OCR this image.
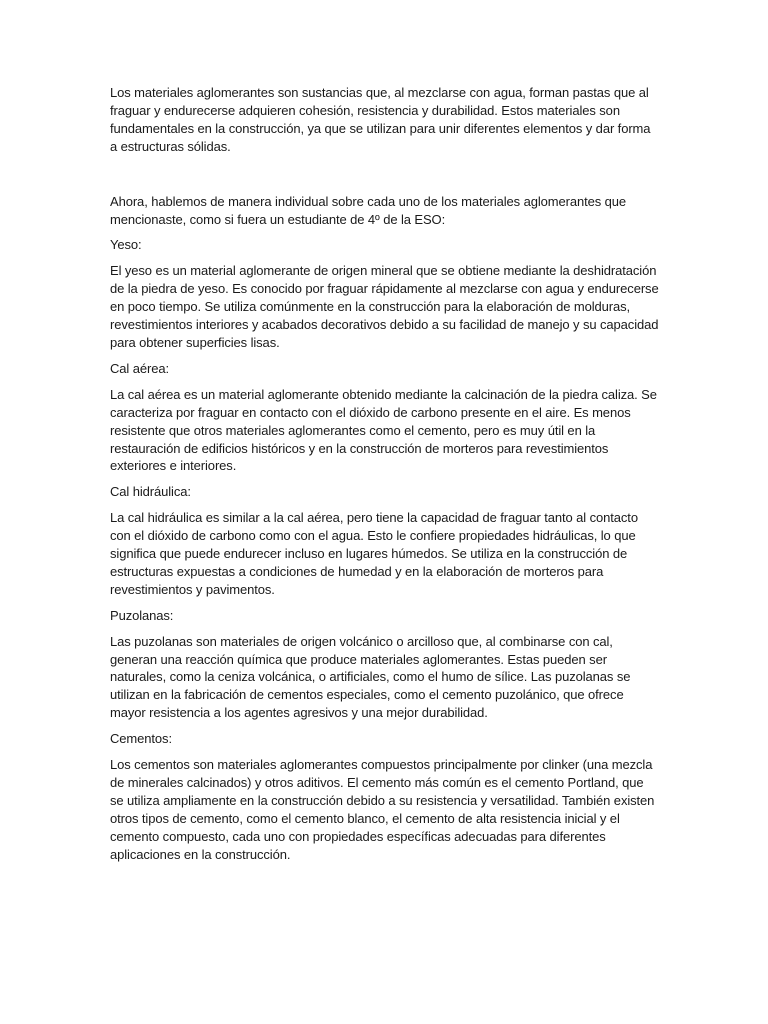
Los materiales aglomerantes son sustancias que, al mezclarse con agua, forman pastas que al fraguar y endurecerse adquieren cohesión, resistencia y durabilidad. Estos materiales son fundamentales en la construcción, ya que se utilizan para unir diferentes elementos y dar forma a estructuras sólidas.

Ahora, hablemos de manera individual sobre cada uno de los materiales aglomerantes que mencionaste, como si fuera un estudiante de 4º de la ESO:

Yeso:

El yeso es un material aglomerante de origen mineral que se obtiene mediante la deshidratación de la piedra de yeso. Es conocido por fraguar rápidamente al mezclarse con agua y endurecerse en poco tiempo. Se utiliza comúnmente en la construcción para la elaboración de molduras, revestimientos interiores y acabados decorativos debido a su facilidad de manejo y su capacidad para obtener superficies lisas.

Cal aérea:

La cal aérea es un material aglomerante obtenido mediante la calcinación de la piedra caliza. Se caracteriza por fraguar en contacto con el dióxido de carbono presente en el aire. Es menos resistente que otros materiales aglomerantes como el cemento, pero es muy útil en la restauración de edificios históricos y en la construcción de morteros para revestimientos exteriores e interiores.

Cal hidráulica:

La cal hidráulica es similar a la cal aérea, pero tiene la capacidad de fraguar tanto al contacto con el dióxido de carbono como con el agua. Esto le confiere propiedades hidráulicas, lo que significa que puede endurecer incluso en lugares húmedos. Se utiliza en la construcción de estructuras expuestas a condiciones de humedad y en la elaboración de morteros para revestimientos y pavimentos.

Puzolanas:

Las puzolanas son materiales de origen volcánico o arcilloso que, al combinarse con cal, generan una reacción química que produce materiales aglomerantes. Estas pueden ser naturales, como la ceniza volcánica, o artificiales, como el humo de sílice. Las puzolanas se utilizan en la fabricación de cementos especiales, como el cemento puzolánico, que ofrece mayor resistencia a los agentes agresivos y una mejor durabilidad.

Cementos:

Los cementos son materiales aglomerantes compuestos principalmente por clinker (una mezcla de minerales calcinados) y otros aditivos. El cemento más común es el cemento Portland, que se utiliza ampliamente en la construcción debido a su resistencia y versatilidad. También existen otros tipos de cemento, como el cemento blanco, el cemento de alta resistencia inicial y el cemento compuesto, cada uno con propiedades específicas adecuadas para diferentes aplicaciones en la construcción.
